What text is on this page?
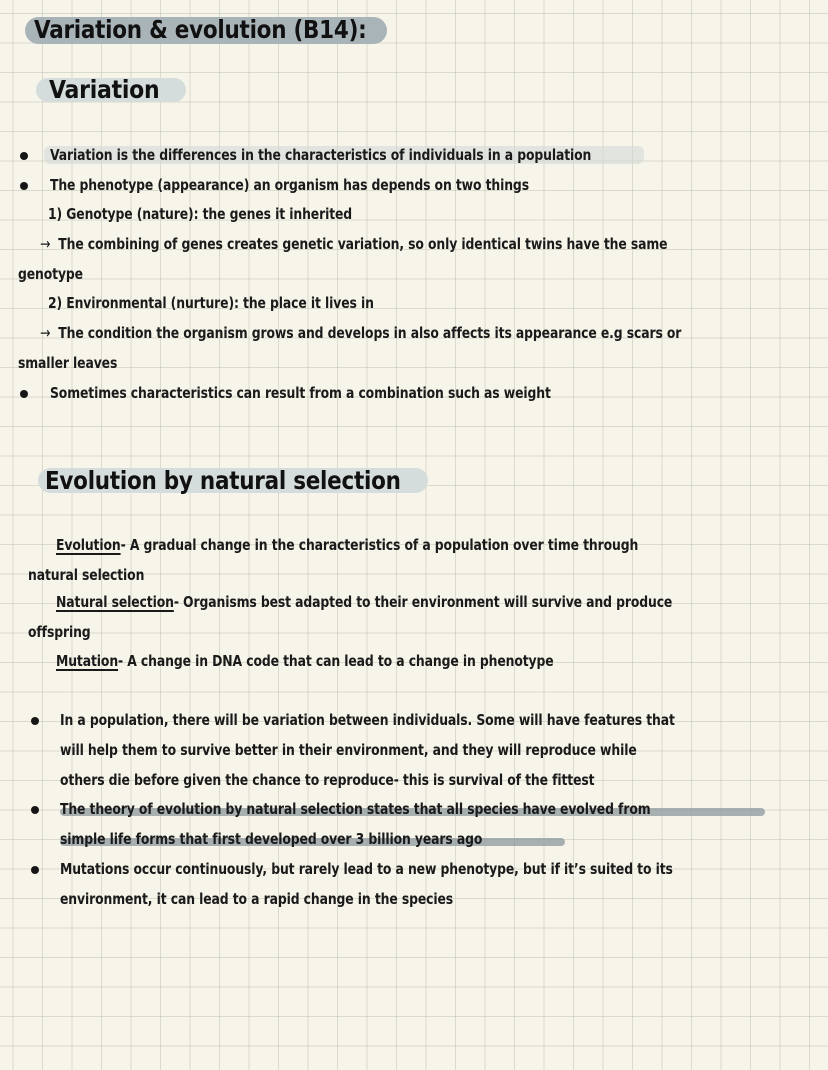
Variation & evolution (B14):
Variation
Variation is the differences in the characteristics of individuals in a population
The phenotype (appearance) an organism has depends on two things
1) Genotype (nature): the genes it inherited
→ The combining of genes creates genetic variation, so only identical twins have the same
genotype
2) Environmental (nurture): the place it lives in
→ The condition the organism grows and develops in also affects its appearance e.g scars or
smaller leaves
Sometimes characteristics can result from a combination such as weight
Evolution by natural selection
Evolution- A gradual change in the characteristics of a population over time through
natural selection
Natural selection- Organisms best adapted to their environment will survive and produce
offspring
Mutation- A change in DNA code that can lead to a change in phenotype
In a population, there will be variation between individuals. Some will have features that
will help them to survive better in their environment, and they will reproduce while
others die before given the chance to reproduce- this is survival of the fittest
The theory of evolution by natural selection states that all species have evolved from
simple life forms that first developed over 3 billion years ago
Mutations occur continuously, but rarely lead to a new phenotype, but if it’s suited to its
environment, it can lead to a rapid change in the species
